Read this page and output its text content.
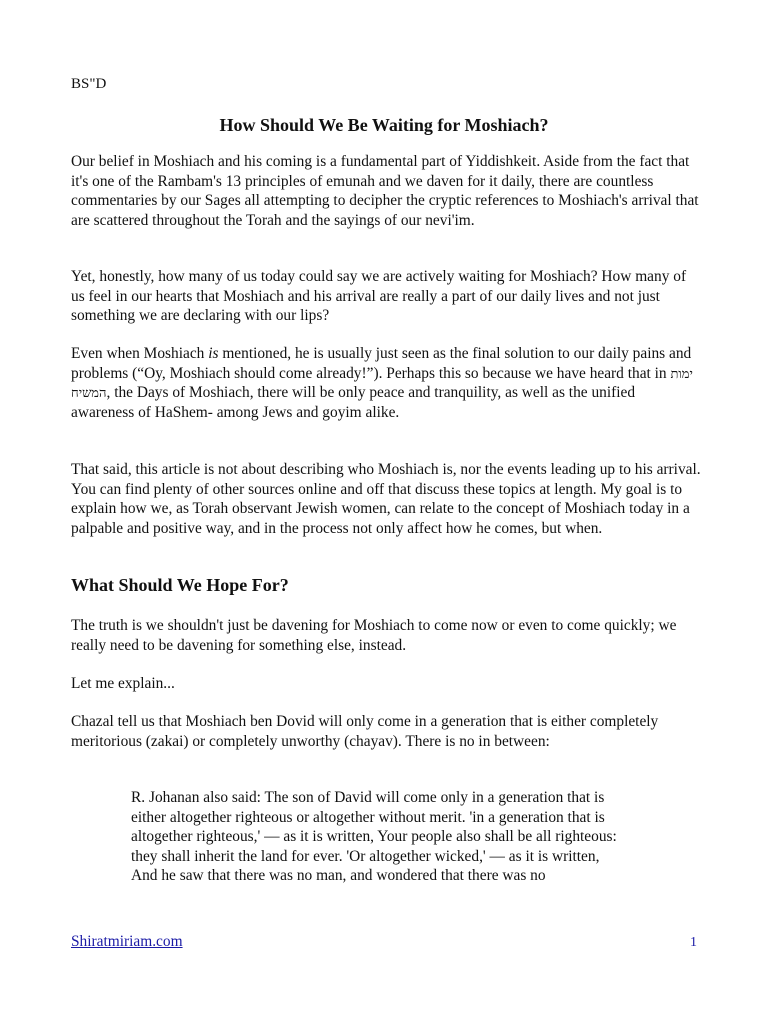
BS"D
How Should We Be Waiting for Moshiach?

Our belief in Moshiach and his coming is a fundamental part of Yiddishkeit. Aside from the fact that it's one of the Rambam's 13 principles of emunah and we daven for it daily, there are countless commentaries by our Sages all attempting to decipher the cryptic references to Moshiach's arrival that are scattered throughout the Torah and the sayings of our nevi'im.

Yet, honestly, how many of us today could say we are actively waiting for Moshiach? How many of us feel in our hearts that Moshiach and his arrival are really a part of our daily lives and not just something we are declaring with our lips?

Even when Moshiach is mentioned, he is usually just seen as the final solution to our daily pains and problems (“Oy, Moshiach should come already!”). Perhaps this so because we have heard that in ימות המשיח, the Days of Moshiach, there will be only peace and tranquility, as well as the unified awareness of HaShem- among Jews and goyim alike.

That said, this article is not about describing who Moshiach is, nor the events leading up to his arrival. You can find plenty of other sources online and off that discuss these topics at length. My goal is to explain how we, as Torah observant Jewish women, can relate to the concept of Moshiach today in a palpable and positive way, and in the process not only affect how he comes, but when.

What Should We Hope For?

The truth is we shouldn't just be davening for Moshiach to come now or even to come quickly; we really need to be davening for something else, instead.

Let me explain...

Chazal tell us that Moshiach ben Dovid will only come in a generation that is either completely meritorious (zakai) or completely unworthy (chayav). There is no in between:

R. Johanan also said: The son of David will come only in a generation that is either altogether righteous or altogether without merit. 'in a generation that is altogether righteous,' — as it is written, Your people also shall be all righteous: they shall inherit the land for ever. 'Or altogether wicked,' — as it is written, And he saw that there was no man, and wondered that there was no

Shiratmiriam.com	1
